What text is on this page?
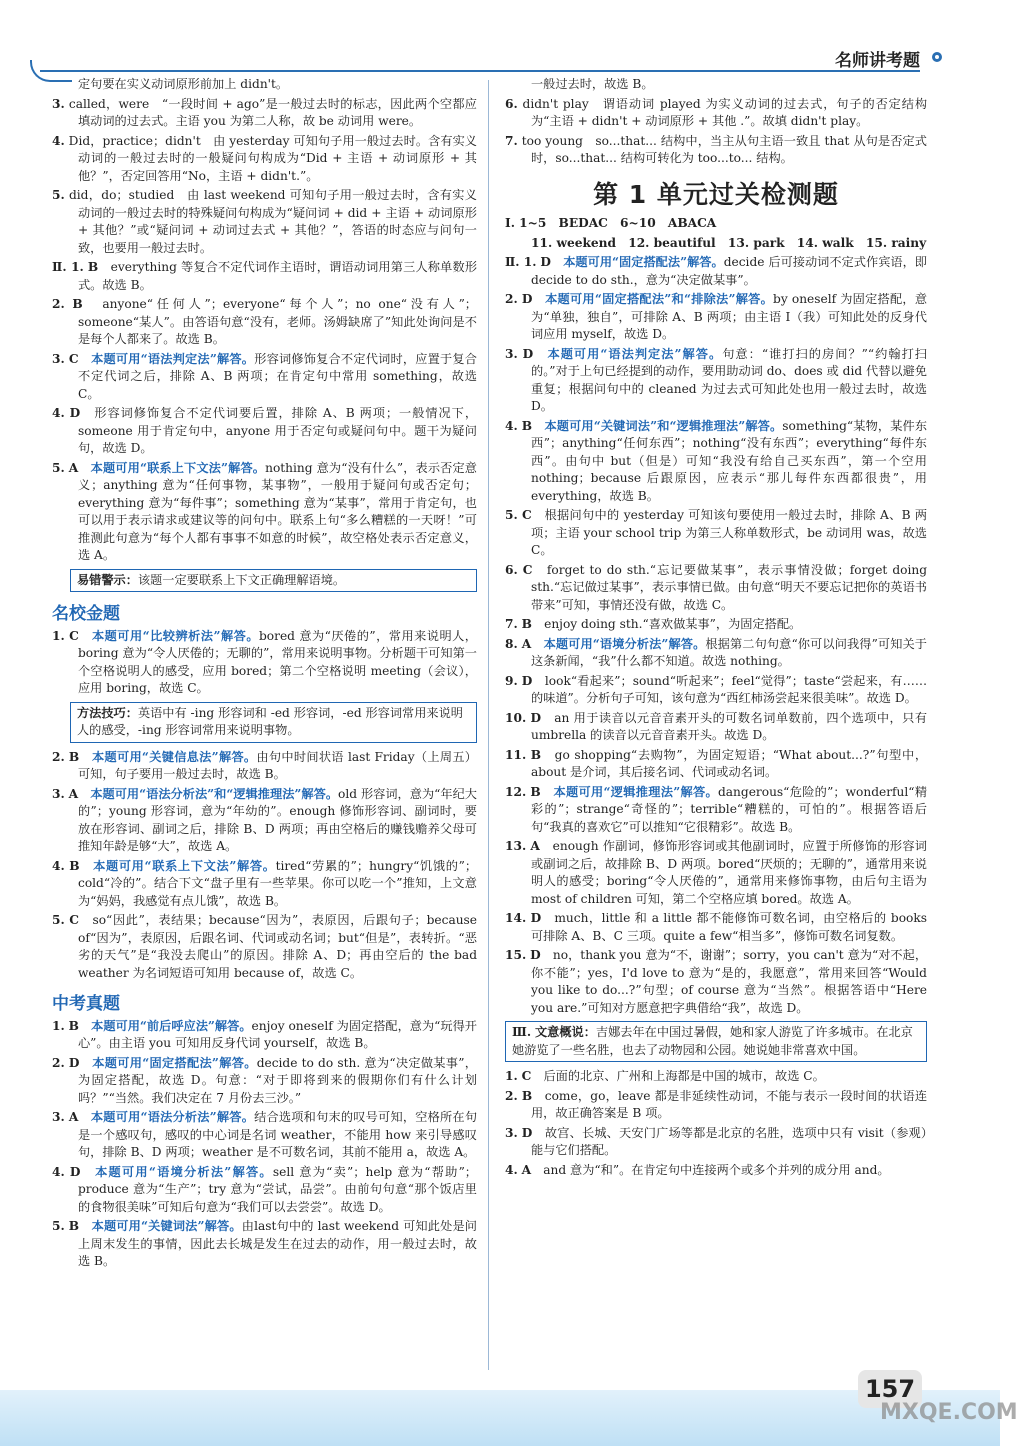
名师讲考题
定句要在实义动词原形前加上 didn't。
3. called，were　“一段时间 + ago”是一般过去时的标志，因此两个空都应填动词的过去式。主语 you 为第二人称，故 be 动词用 were。
4. Did，practice；didn't　由 yesterday 可知句子用一般过去时。含有实义动词的一般过去时的一般疑问句构成为“Did + 主语 + 动词原形 + 其他？”，否定回答用“No，主语 + didn't.”。
5. did，do；studied　由 last weekend 可知句子用一般过去时，含有实义动词的一般过去时的特殊疑问句构成为“疑问词 + did + 主语 + 动词原形 + 其他？”或“疑问词 + 动词过去式 + 其他？”，答语的时态应与问句一致，也要用一般过去时。
Ⅱ. 1. B　 everything 等复合不定代词作主语时，谓语动词用第三人称单数形式。故选 B。
2. B　 anyone“任何人”；everyone“每个人”；no one“没有人”；someone“某人”。由答语句意“没有，老师。汤姆缺席了”知此处询问是不是每个人都来了。故选 B。
3. C　 本题可用“语法判定法”解答。形容词修饰复合不定代词时，应置于复合不定代词之后，排除 A、B 两项；在肯定句中常用 something，故选 C。
4. D　 形容词修饰复合不定代词要后置，排除 A、B 两项；一般情况下，someone 用于肯定句中，anyone 用于否定句或疑问句中。题干为疑问句，故选 D。
5. A　 本题可用“联系上下文法”解答。nothing 意为“没有什么”，表示否定意义；anything 意为“任何事物，某事物”，一般用于疑问句或否定句；everything 意为“每件事”；something 意为“某事”，常用于肯定句，也可以用于表示请求或建议等的问句中。联系上句“多么糟糕的一天呀！”可推测此句意为“每个人都有事事不如意的时候”，故空格处表示否定意义，选 A。
易错警示：该题一定要联系上下文正确理解语境。
名校金题
1. C　 本题可用“比较辨析法”解答。bored 意为“厌倦的”，常用来说明人，boring 意为“令人厌倦的；无聊的”，常用来说明事物。分析题干可知第一个空格说明人的感受，应用 bored；第二个空格说明 meeting（会议），应用 boring，故选 C。
方法技巧：英语中有 -ing 形容词和 -ed 形容词，-ed 形容词常用来说明人的感受，-ing 形容词常用来说明事物。
2. B　 本题可用“关键信息法”解答。由句中时间状语 last Friday（上周五）可知，句子要用一般过去时，故选 B。
3. A　 本题可用“语法分析法”和“逻辑推理法”解答。old 形容词，意为“年纪大的”；young 形容词，意为“年幼的”。enough 修饰形容词、副词时，要放在形容词、副词之后，排除 B、D 两项；再由空格后的赚钱赡养父母可推知年龄是够“大”，故选 A。
4. B　 本题可用“联系上下文法”解答。tired“劳累的”；hungry“饥饿的”；cold“冷的”。结合下文“盘子里有一些苹果。你可以吃一个”推知，上文意为“妈妈，我感觉有点儿饿”，故选 B。
5. C　 so“因此”，表结果；because“因为”，表原因，后跟句子；because of“因为”，表原因，后跟名词、代词或动名词；but“但是”，表转折。“恶劣的天气”是“我没去爬山”的原因。排除 A、D；再由空后的 the bad weather 为名词短语可知用 because of，故选 C。
中考真题
1. B　 本题可用“前后呼应法”解答。enjoy oneself 为固定搭配，意为“玩得开心”。由主语 you 可知用反身代词 yourself，故选 B。
2. D　 本题可用“固定搭配法”解答。decide to do sth. 意为“决定做某事”，为固定搭配，故选 D。句意：“对于即将到来的假期你们有什么计划吗？”“当然。我们决定在 7 月份去三沙。”
3. A　 本题可用“语法分析法”解答。结合选项和句末的叹号可知，空格所在句是一个感叹句，感叹的中心词是名词 weather，不能用 how 来引导感叹句，排除 B、D 两项；weather 是不可数名词，其前不能用 a，故选 A。
4. D　 本题可用“语境分析法”解答。sell 意为“卖”；help 意为“帮助”；produce 意为“生产”；try 意为“尝试，品尝”。由前句句意“那个饭店里的食物很美味”可知后句意为“我们可以去尝尝”。故选 D。
5. B　 本题可用“关键词法”解答。由last句中的 last weekend 可知此处是问上周末发生的事情，因此去长城是发生在过去的动作，用一般过去时，故选 B。
一般过去时，故选 B。
6. didn't play　谓语动词 played 为实义动词的过去式，句子的否定结构为“主语 + didn't + 动词原形 + 其他 .”。故填 didn't play。
7. too young　so...that... 结构中，当主从句主语一致且 that 从句是否定式时，so...that... 结构可转化为 too...to... 结构。
第 1 单元过关检测题
Ⅰ. 1~5　BEDAC　6~10　ABACA
11. weekend　12. beautiful　13. park　14. walk　15. rainy
Ⅱ. 1. D　 本题可用“固定搭配法”解答。decide 后可接动词不定式作宾语，即 decide to do sth.，意为“决定做某事”。
2. D　 本题可用“固定搭配法”和“排除法”解答。by oneself 为固定搭配，意为“单独，独自”，可排除 A、B 两项；由主语 I（我）可知此处的反身代词应用 myself，故选 D。
3. D　 本题可用“语法判定法”解答。句意：“谁打扫的房间？”“约翰打扫的。”对于上句已经提到的动作，要用助动词 do、does 或 did 代替以避免重复；根据问句中的 cleaned 为过去式可知此处也用一般过去时，故选 D。
4. B　 本题可用“关键词法”和“逻辑推理法”解答。something“某物，某件东西”；anything“任何东西”；nothing“没有东西”；everything“每件东西”。由句中 but（但是）可知“我没有给自己买东西”，第一个空用 nothing；because 后跟原因，应表示“那儿每件东西都很贵”，用 everything，故选 B。
5. C　 根据问句中的 yesterday 可知该句要使用一般过去时，排除 A、B 两项；主语 your school trip 为第三人称单数形式，be 动词用 was，故选 C。
6. C　 forget to do sth.“忘记要做某事”，表示事情没做；forget doing sth.“忘记做过某事”，表示事情已做。由句意“明天不要忘记把你的英语书带来”可知，事情还没有做，故选 C。
7. B　 enjoy doing sth.“喜欢做某事”，为固定搭配。
8. A　 本题可用“语境分析法”解答。根据第二句句意“你可以问我得”可知关于这条新闻，“我”什么都不知道。故选 nothing。
9. D　 look“看起来”；sound“听起来”；feel“觉得”；taste“尝起来，有……的味道”。分析句子可知，该句意为“西红柿汤尝起来很美味”。故选 D。
10. D　 an 用于读音以元音音素开头的可数名词单数前，四个选项中，只有 umbrella 的读音以元音音素开头。故选 D。
11. B　 go shopping“去购物”，为固定短语；“What about...?”句型中，about 是介词，其后接名词、代词或动名词。
12. B　 本题可用“逻辑推理法”解答。dangerous“危险的”；wonderful“精彩的”；strange“奇怪的”；terrible“糟糕的，可怕的”。根据答语后句“我真的喜欢它”可以推知“它很精彩”。故选 B。
13. A　 enough 作副词，修饰形容词或其他副词时，应置于所修饰的形容词或副词之后，故排除 B、D 两项。bored“厌烦的；无聊的”，通常用来说明人的感受；boring“令人厌倦的”，通常用来修饰事物，由后句主语为 most of children 可知，第二个空格应填 bored。故选 A。
14. D　 much，little 和 a little 都不能修饰可数名词，由空格后的 books 可排除 A、B、C 三项。quite a few“相当多”，修饰可数名词复数。
15. D　 no，thank you 意为“不，谢谢”；sorry，you can't 意为“对不起，你不能”；yes，I'd love to 意为“是的，我愿意”，常用来回答“Would you like to do...?”句型；of course 意为“当然”。根据答语中“Here you are.”可知对方愿意把字典借给“我”，故选 D。
Ⅲ. 文意概说：吉娜去年在中国过暑假，她和家人游览了许多城市。在北京她游览了一些名胜，也去了动物园和公园。她说她非常喜欢中国。
1. C　 后面的北京、广州和上海都是中国的城市，故选 C。
2. B　 come，go，leave 都是非延续性动词，不能与表示一段时间的状语连用，故正确答案是 B 项。
3. D　 故宫、长城、天安门广场等都是北京的名胜，选项中只有 visit（参观）能与它们搭配。
4. A　 and 意为“和”。在肯定句中连接两个或多个并列的成分用 and。
157
MXQE.COM
